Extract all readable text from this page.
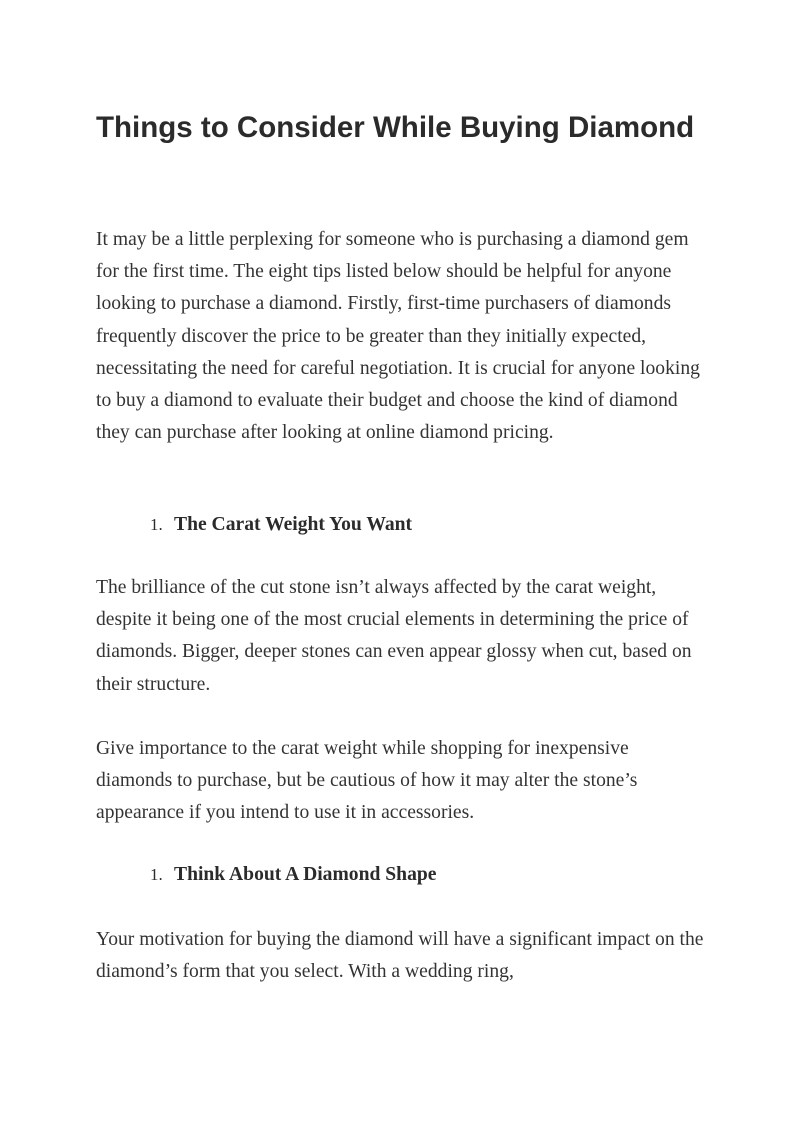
Things to Consider While Buying Diamond

It may be a little perplexing for someone who is purchasing a diamond gem for the first time. The eight tips listed below should be helpful for anyone looking to purchase a diamond. Firstly, first-time purchasers of diamonds frequently discover the price to be greater than they initially expected, necessitating the need for careful negotiation. It is crucial for anyone looking to buy a diamond to evaluate their budget and choose the kind of diamond they can purchase after looking at online diamond pricing.

1. The Carat Weight You Want

The brilliance of the cut stone isn’t always affected by the carat weight, despite it being one of the most crucial elements in determining the price of diamonds. Bigger, deeper stones can even appear glossy when cut, based on their structure.

Give importance to the carat weight while shopping for inexpensive diamonds to purchase, but be cautious of how it may alter the stone’s appearance if you intend to use it in accessories.

1. Think About A Diamond Shape

Your motivation for buying the diamond will have a significant impact on the diamond’s form that you select. With a wedding ring,
